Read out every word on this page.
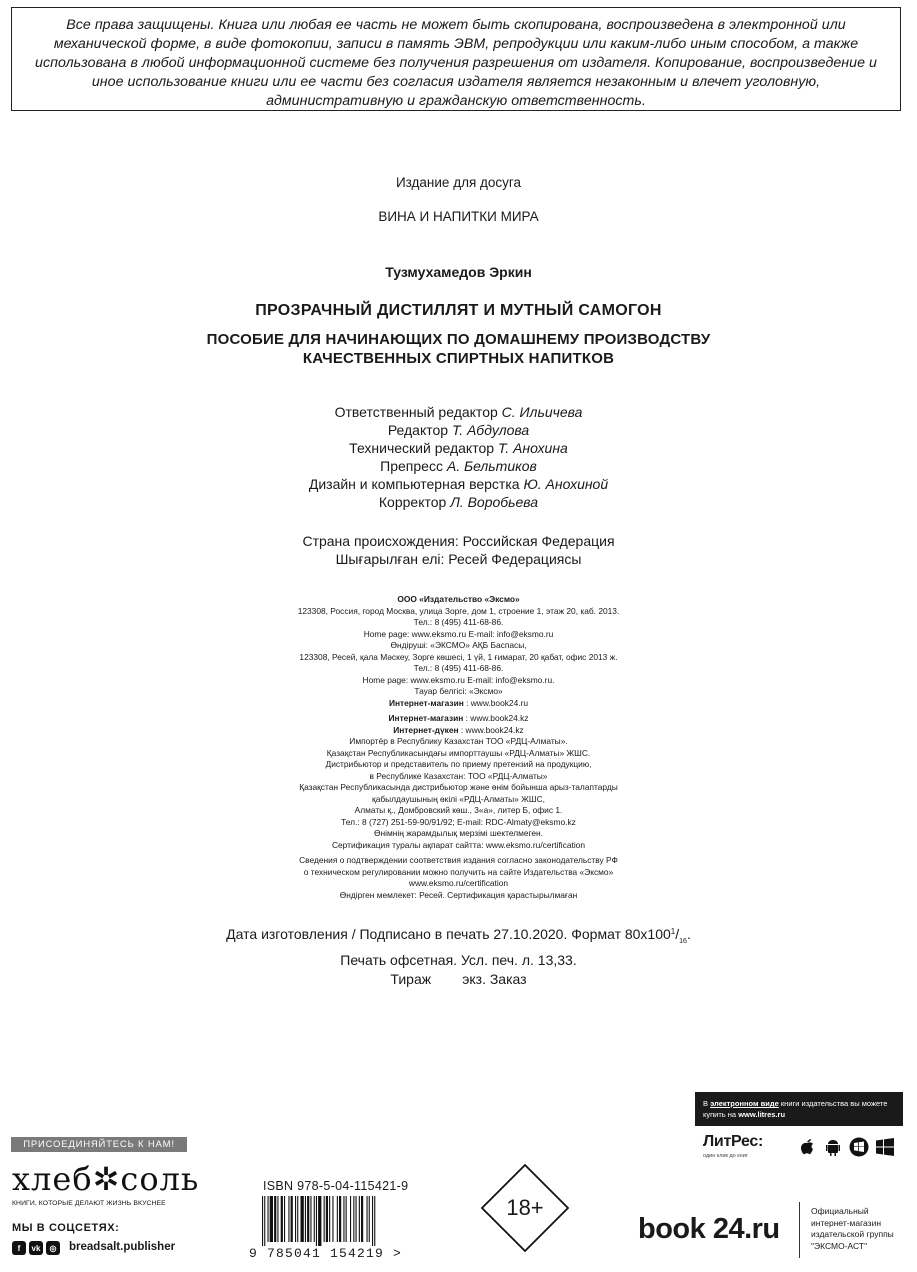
Все права защищены. Книга или любая ее часть не может быть скопирована, воспроизведена в электронной или механической форме, в виде фотокопии, записи в память ЭВМ, репродукции или каким-либо иным способом, а также использована в любой информационной системе без получения разрешения от издателя. Копирование, воспроизведение и иное использование книги или ее части без согласия издателя является незаконным и влечет уголовную, административную и гражданскую ответственность.
Издание для досуга
ВИНА И НАПИТКИ МИРА
Тузмухамедов Эркин
ПРОЗРАЧНЫЙ ДИСТИЛЛЯТ И МУТНЫЙ САМОГОН
ПОСОБИЕ ДЛЯ НАЧИНАЮЩИХ ПО ДОМАШНЕМУ ПРОИЗВОДСТВУ
КАЧЕСТВЕННЫХ СПИРТНЫХ НАПИТКОВ
Ответственный редактор С. Ильичева
Редактор Т. Абдулова
Технический редактор Т. Анохина
Препресс А. Бельтиков
Дизайн и компьютерная верстка Ю. Анохиной
Корректор Л. Воробьева
Страна происхождения: Российская Федерация
Шығарылған елі: Ресей Федерациясы
ООО «Издательство «Эксмо»
123308, Россия, город Москва, улица Зорге, дом 1, строение 1, этаж 20, каб. 2013.
Тел.: 8 (495) 411-68-86.
Home page: www.eksmo.ru E-mail: info@eksmo.ru
Өндіруші: «ЭКСМО» АҚБ Баспасы,
123308, Ресей, қала Мәскеу, Зорге көшесі, 1 үй, 1 ғимарат, 20 қабат, офис 2013 ж.
Тел.: 8 (495) 411-68-86.
Home page: www.eksmo.ru E-mail: info@eksmo.ru.
Тауар белгісі: «Эксмо»
Интернет-магазин : www.book24.ru
Интернет-магазин : www.book24.kz
Интернет-дүкен : www.book24.kz
Импортёр в Республику Казахстан ТОО «РДЦ-Алматы».
Қазақстан Республикасындағы импорттаушы «РДЦ-Алматы» ЖШС.
Дистрибьютор и представитель по приему претензий на продукцию,
в Республике Казахстан: ТОО «РДЦ-Алматы»
Қазақстан Республикасында дистрибьютор және өнім бойынша арыз-талаптарды
қабылдаушының өкілі «РДЦ-Алматы» ЖШС,
Алматы қ., Домбровский көш., 3«а», литер Б, офис 1.
Тел.: 8 (727) 251-59-90/91/92; E-mail: RDC-Almaty@eksmo.kz
Өнімнің жарамдылық мерзімі шектелмеген.
Сертификация туралы ақпарат сайтта: www.eksmo.ru/certification
Сведения о подтверждении соответствия издания согласно законодательству РФ
о техническом регулировании можно получить на сайте Издательства «Эксмо»
www.eksmo.ru/certification
Өндірген мемлекет: Ресей. Сертификация қарастырылмаған
Дата изготовления / Подписано в печать 27.10.2020. Формат $80x100^1/_{16}$.
Печать офсетная. Усл. печ. л. 13,33.
Тираж        экз. Заказ
ПРИСОЕДИНЯЙТЕСЬ К НАМ!
хлеб✲соль
КНИГИ, КОТОРЫЕ ДЕЛАЮТ ЖИЗНЬ ВКУСНЕЕ
МЫ В СОЦСЕТЯХ:
f	vk	◎	breadsalt.publisher
ISBN 978-5-04-115421-9
9 785041 154219 >
18+
В электронном виде книги издательства вы можете
купить на www.litres.ru
ЛитРес:
один клик до книг
book 24.ru
Официальный
интернет-магазин
издательской группы
"ЭКСМО-АСТ"
